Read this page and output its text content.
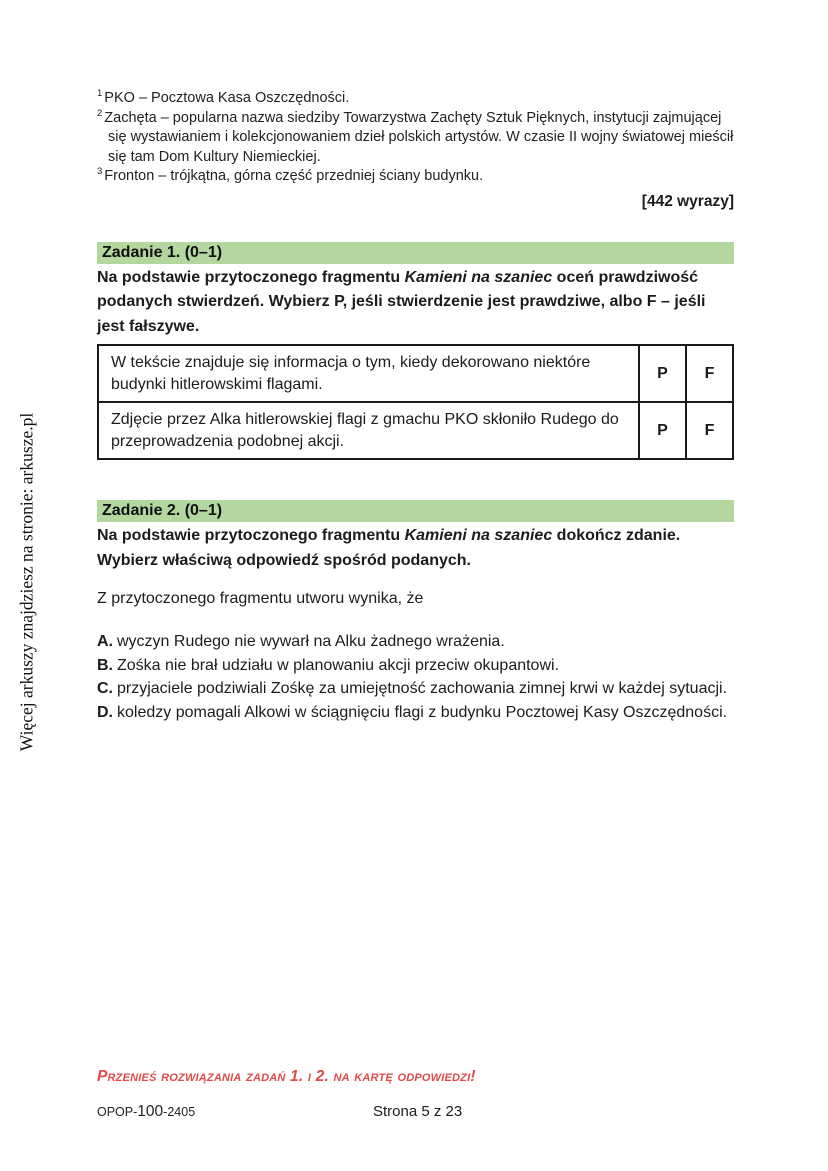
Więcej arkuszy znajdziesz na stronie: arkusze.pl
$^1$ PKO – Pocztowa Kasa Oszczędności.
$^2$ Zachęta – popularna nazwa siedziby Towarzystwa Zachęty Sztuk Pięknych, instytucji zajmującej się wystawianiem i kolekcjonowaniem dzieł polskich artystów. W czasie II wojny światowej mieścił się tam Dom Kultury Niemieckiej.
$^3$ Fronton – trójkątna, górna część przedniej ściany budynku.
[442 wyrazy]
Zadanie 1. (0–1)

Na podstawie przytoczonego fragmentu Kamieni na szaniec oceń prawdziwość podanych stwierdzeń. Wybierz P, jeśli stwierdzenie jest prawdziwe, albo F – jeśli jest fałszywe.

W tekście znajduje się informacja o tym, kiedy dekorowano niektóre budynki hitlerowskimi flagami.	P	F
Zdjęcie przez Alka hitlerowskiej flagi z gmachu PKO skłoniło Rudego do przeprowadzenia podobnej akcji.	P	F
Zadanie 2. (0–1)

Na podstawie przytoczonego fragmentu Kamieni na szaniec dokończ zdanie. Wybierz właściwą odpowiedź spośród podanych.

Z przytoczonego fragmentu utworu wynika, że

A. wyczyn Rudego nie wywarł na Alku żadnego wrażenia.
B. Zośka nie brał udziału w planowaniu akcji przeciw okupantowi.
C. przyjaciele podziwiali Zośkę za umiejętność zachowania zimnej krwi w każdej sytuacji.
D. koledzy pomagali Alkowi w ściągnięciu flagi z budynku Pocztowej Kasy Oszczędności.
Przenieś rozwiązania zadań 1. i 2. na kartę odpowiedzi!
OPOP-100-2405	Strona 5 z 23
